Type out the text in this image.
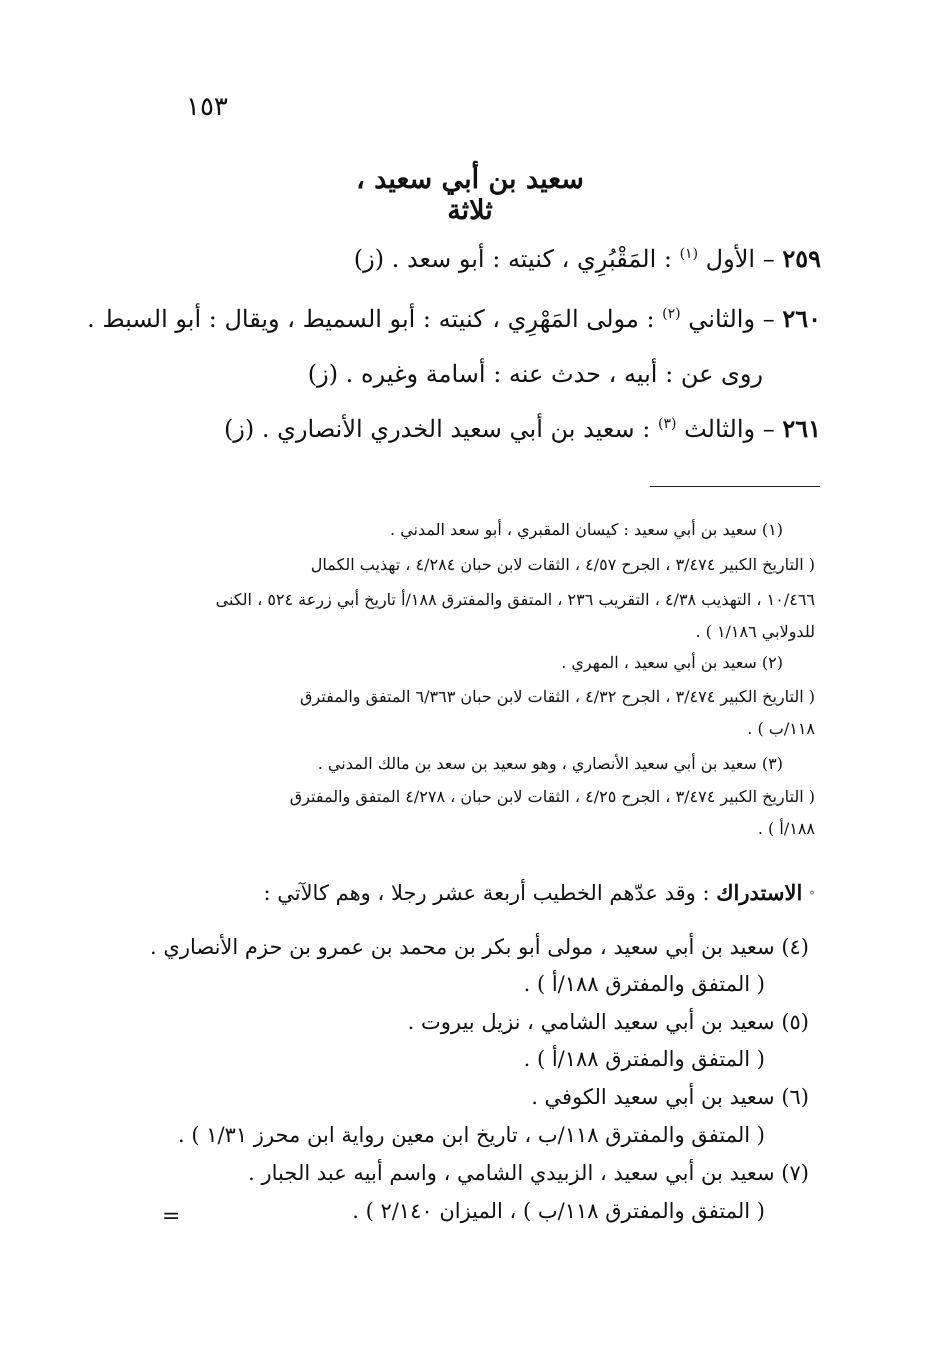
١٥٣
سعيد بن أبي سعيد ، ثلاثة
٢٥٩ – الأول $^{(١)}$ : المَقْبُرِي ، كنيته : أبو سعد . (ز)
٢٦٠ – والثاني $^{(٢)}$ : مولى المَهْرِي ، كنيته : أبو السميط ، ويقال : أبو السبط .
روى عن : أبيه ، حدث عنه : أسامة وغيره . (ز)
٢٦١ – والثالث $^{(٣)}$ : سعيد بن أبي سعيد الخدري الأنصاري . (ز)
(١) سعيد بن أبي سعيد : كيسان المقبري ، أبو سعد المدني .
( التاريخ الكبير ٣/٤٧٤ ، الجرح ٤/٥٧ ، الثقات لابن حبان ٤/٢٨٤ ، تهذيب الكمال
١٠/٤٦٦ ، التهذيب ٤/٣٨ ، التقريب ٢٣٦ ، المتفق والمفترق ١٨٨/أ تاريخ أبي زرعة ٥٢٤ ، الكنى
للدولابي ١/١٨٦ ) .
(٢) سعيد بن أبي سعيد ، المهري .
( التاريخ الكبير ٣/٤٧٤ ، الجرح ٤/٣٢ ، الثقات لابن حبان ٦/٣٦٣ المتفق والمفترق
١١٨/ب ) .
(٣) سعيد بن أبي سعيد الأنصاري ، وهو سعيد بن سعد بن مالك المدني .
( التاريخ الكبير ٣/٤٧٤ ، الجرح ٤/٢٥ ، الثقات لابن حبان ، ٤/٢٧٨ المتفق والمفترق
١٨٨/أ ) .
° الاستدراك : وقد عدّهم الخطيب أربعة عشر رجلا ، وهم كالآتي :
(٤) سعيد بن أبي سعيد ، مولى أبو بكر بن محمد بن عمرو بن حزم الأنصاري .
( المتفق والمفترق ١٨٨/أ ) .
(٥) سعيد بن أبي سعيد الشامي ، نزيل بيروت .
( المتفق والمفترق ١٨٨/أ ) .
(٦) سعيد بن أبي سعيد الكوفي .
( المتفق والمفترق ١١٨/ب ، تاريخ ابن معين رواية ابن محرز ١/٣١ ) .
(٧) سعيد بن أبي سعيد ، الزبيدي الشامي ، واسم أبيه عبد الجبار .
( المتفق والمفترق ١١٨/ب ) ، الميزان ٢/١٤٠ ) .
=
